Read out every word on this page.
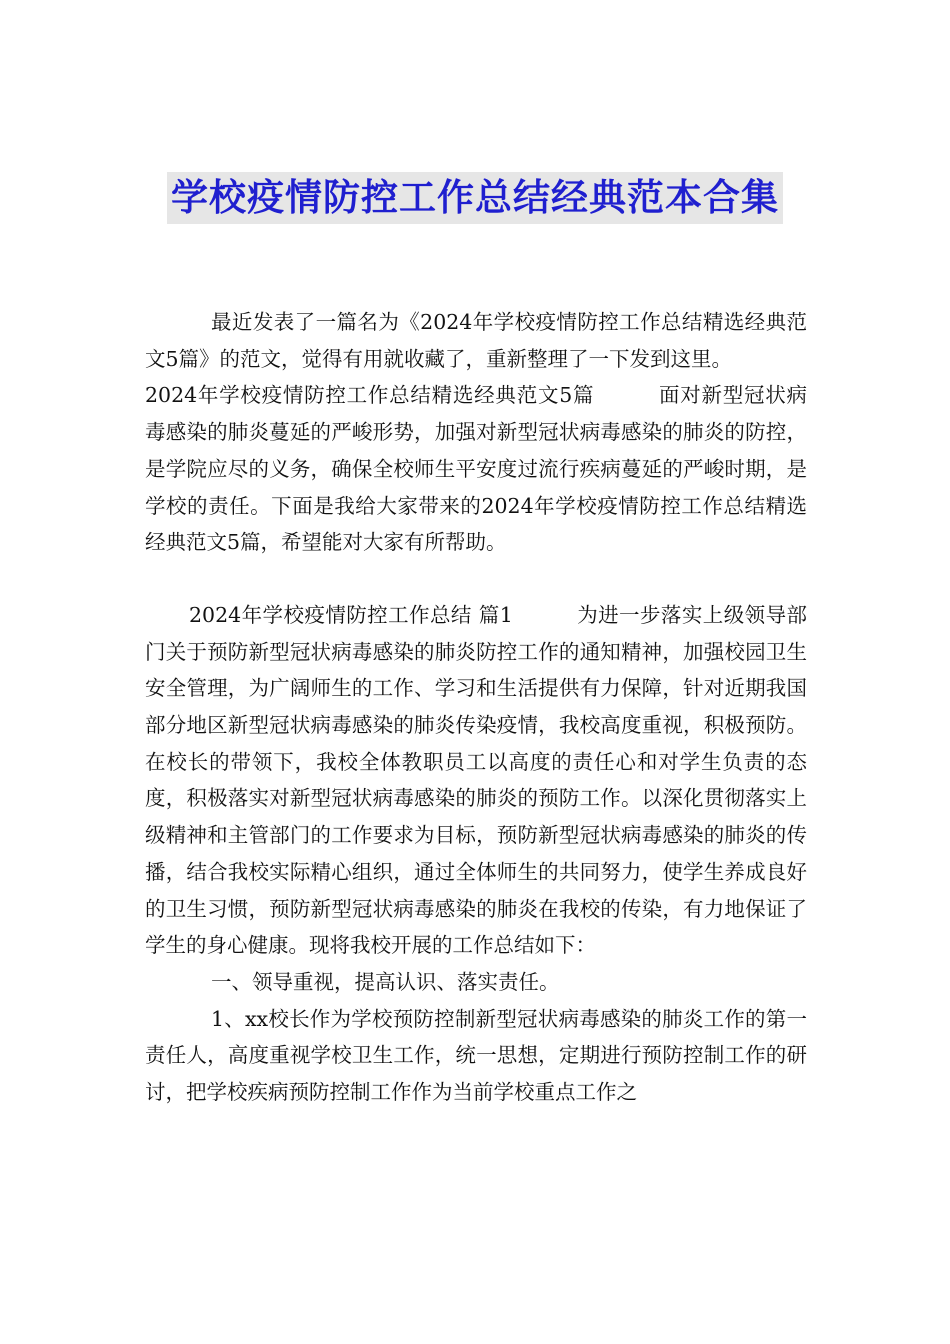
学校疫情防控工作总结经典范本合集

最近发表了一篇名为《2024年学校疫情防控工作总结精选经典范文5篇》的范文，觉得有用就收藏了，重新整理了一下发到这里。

2024年学校疫情防控工作总结精选经典范文5篇	面对新型冠状病毒感染的肺炎蔓延的严峻形势，加强对新型冠状病毒感染的肺炎的防控，是学院应尽的义务，确保全校师生平安度过流行疾病蔓延的严峻时期，是学校的责任。下面是我给大家带来的2024年学校疫情防控工作总结精选经典范文5篇，希望能对大家有所帮助。

2024年学校疫情防控工作总结 篇1	为进一步落实上级领导部门关于预防新型冠状病毒感染的肺炎防控工作的通知精神，加强校园卫生安全管理，为广阔师生的工作、学习和生活提供有力保障，针对近期我国部分地区新型冠状病毒感染的肺炎传染疫情，我校高度重视，积极预防。在校长的带领下，我校全体教职员工以高度的责任心和对学生负责的态度，积极落实对新型冠状病毒感染的肺炎的预防工作。以深化贯彻落实上级精神和主管部门的工作要求为目标，预防新型冠状病毒感染的肺炎的传播，结合我校实际精心组织，通过全体师生的共同努力，使学生养成良好的卫生习惯，预防新型冠状病毒感染的肺炎在我校的传染，有力地保证了学生的身心健康。现将我校开展的工作总结如下：

一、领导重视，提高认识、落实责任。

1、xx校长作为学校预防控制新型冠状病毒感染的肺炎工作的第一责任人，高度重视学校卫生工作，统一思想，定期进行预防控制工作的研讨，把学校疾病预防控制工作作为当前学校重点工作之
